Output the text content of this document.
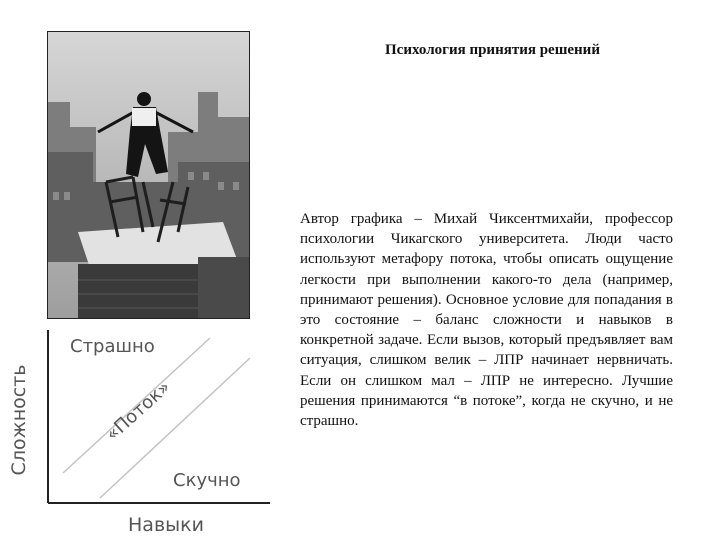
Психология принятия решений
Автор графика – Михай Чиксентмихайи, профессор психологии Чикагского университета. Люди часто используют метафору потока, чтобы описать ощущение легкости при выполнении какого-то дела (например, принимают решения). Основное условие для попадания в это состояние – баланс сложности и навыков в конкретной задаче. Если вызов, который предъявляет вам ситуация, слишком велик – ЛПР начинает нервничать. Если он слишком мал – ЛПР не интересно. Лучшие решения принимаются “в потоке”, когда не скучно, и не страшно.
Сложность
Навыки
Страшно
Скучно
«Поток»
